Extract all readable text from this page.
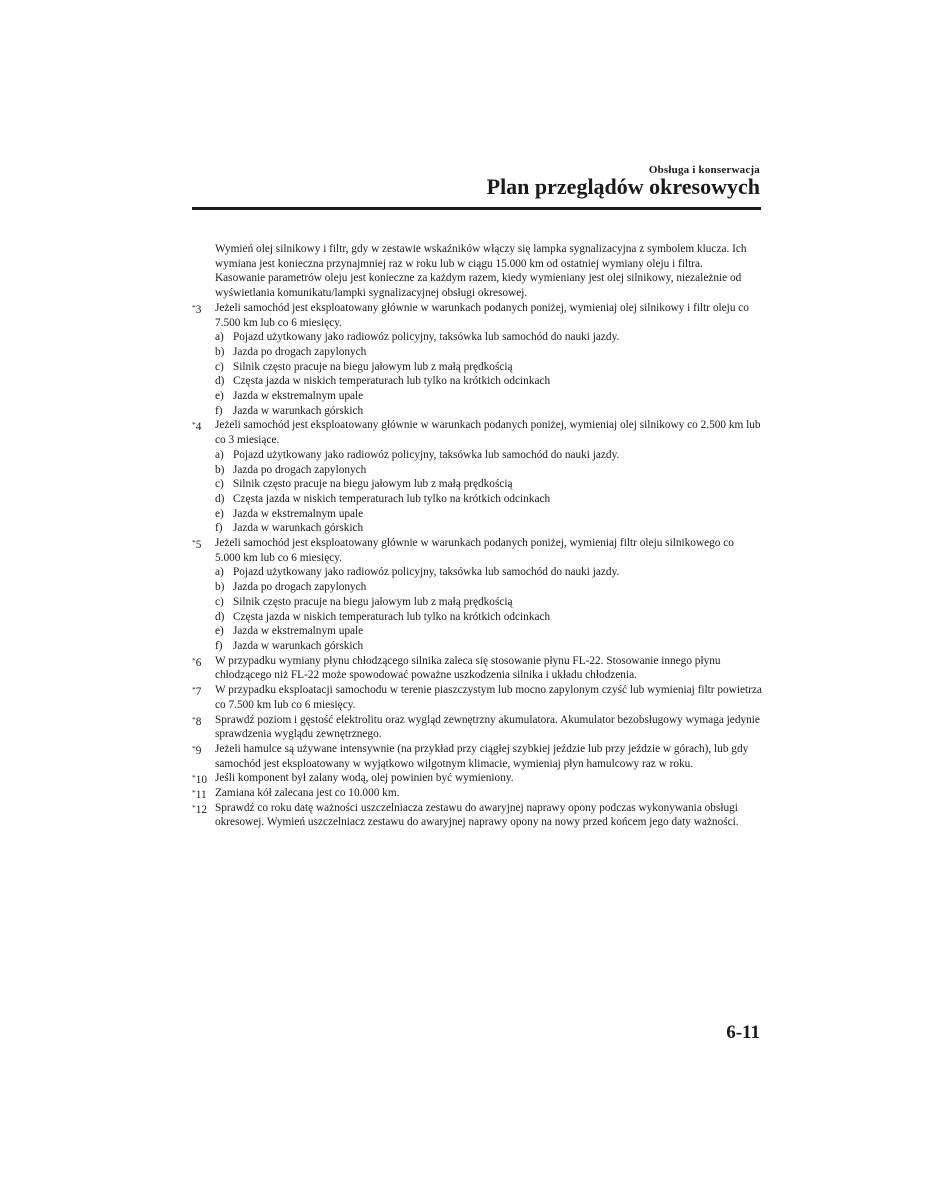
Obsługa i konserwacja
Plan przeglądów okresowych

Wymień olej silnikowy i filtr, gdy w zestawie wskaźników włączy się lampka sygnalizacyjna z symbolem klucza. Ich wymiana jest konieczna przynajmniej raz w roku lub w ciągu 15.000 km od ostatniej wymiany oleju i filtra.

Kasowanie parametrów oleju jest konieczne za każdym razem, kiedy wymieniany jest olej silnikowy, niezależnie od wyświetlania komunikatu/lampki sygnalizacyjnej obsługi okresowej.

*3 Jeżeli samochód jest eksploatowany głównie w warunkach podanych poniżej, wymieniaj olej silnikowy i filtr oleju co 7.500 km lub co 6 miesięcy.
a) Pojazd użytkowany jako radiowóz policyjny, taksówka lub samochód do nauki jazdy.
b) Jazda po drogach zapylonych
c) Silnik często pracuje na biegu jałowym lub z małą prędkością
d) Częsta jazda w niskich temperaturach lub tylko na krótkich odcinkach
e) Jazda w ekstremalnym upale
f) Jazda w warunkach górskich
*4 Jeżeli samochód jest eksploatowany głównie w warunkach podanych poniżej, wymieniaj olej silnikowy co 2.500 km lub co 3 miesiące.
a) Pojazd użytkowany jako radiowóz policyjny, taksówka lub samochód do nauki jazdy.
b) Jazda po drogach zapylonych
c) Silnik często pracuje na biegu jałowym lub z małą prędkością
d) Częsta jazda w niskich temperaturach lub tylko na krótkich odcinkach
e) Jazda w ekstremalnym upale
f) Jazda w warunkach górskich
*5 Jeżeli samochód jest eksploatowany głównie w warunkach podanych poniżej, wymieniaj filtr oleju silnikowego co 5.000 km lub co 6 miesięcy.
a) Pojazd użytkowany jako radiowóz policyjny, taksówka lub samochód do nauki jazdy.
b) Jazda po drogach zapylonych
c) Silnik często pracuje na biegu jałowym lub z małą prędkością
d) Częsta jazda w niskich temperaturach lub tylko na krótkich odcinkach
e) Jazda w ekstremalnym upale
f) Jazda w warunkach górskich
*6 W przypadku wymiany płynu chłodzącego silnika zaleca się stosowanie płynu FL-22. Stosowanie innego płynu chłodzącego niż FL-22 może spowodować poważne uszkodzenia silnika i układu chłodzenia.
*7 W przypadku eksploatacji samochodu w terenie piaszczystym lub mocno zapylonym czyść lub wymieniaj filtr powietrza co 7.500 km lub co 6 miesięcy.
*8 Sprawdź poziom i gęstość elektrolitu oraz wygląd zewnętrzny akumulatora. Akumulator bezobsługowy wymaga jedynie sprawdzenia wyglądu zewnętrznego.
*9 Jeżeli hamulce są używane intensywnie (na przykład przy ciągłej szybkiej jeździe lub przy jeździe w górach), lub gdy samochód jest eksploatowany w wyjątkowo wilgotnym klimacie, wymieniaj płyn hamulcowy raz w roku.
*10 Jeśli komponent był zalany wodą, olej powinien być wymieniony.
*11 Zamiana kół zalecana jest co 10.000 km.
*12 Sprawdź co roku datę ważności uszczelniacza zestawu do awaryjnej naprawy opony podczas wykonywania obsługi okresowej. Wymień uszczelniacz zestawu do awaryjnej naprawy opony na nowy przed końcem jego daty ważności.
6-11
